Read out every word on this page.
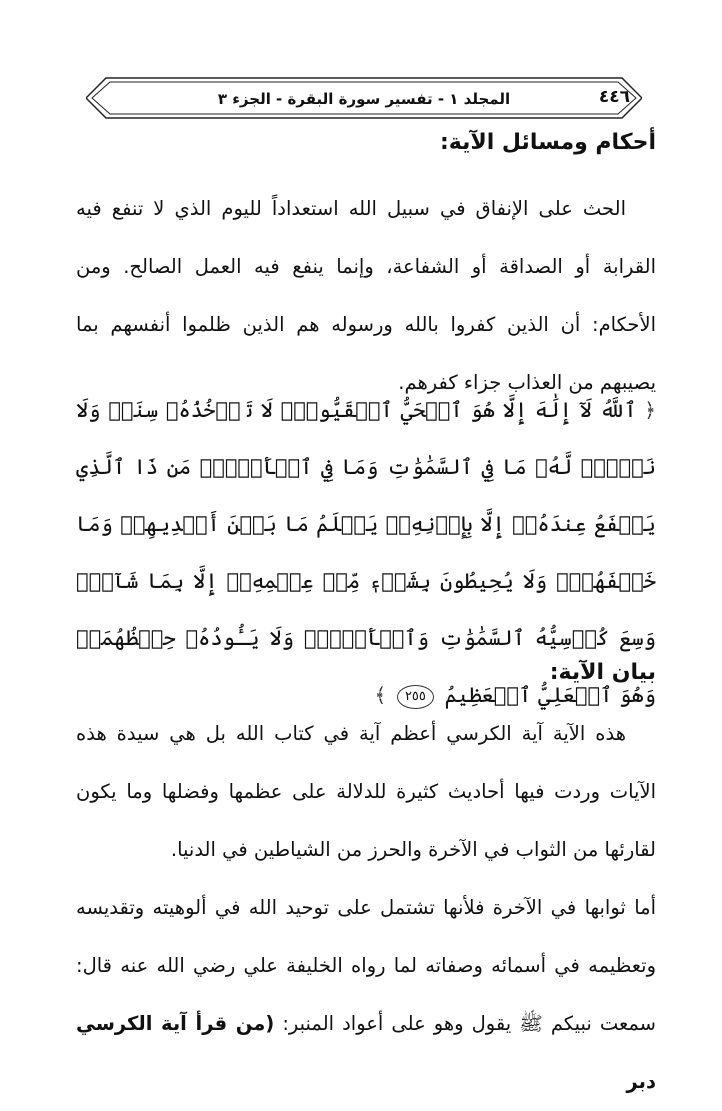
المجلد ١ - تفسير سورة البقرة - الجزء ٣	٤٤٦
أحكام ومسائل الآية:

الحث على الإنفاق في سبيل الله استعداداً لليوم الذي لا تنفع فيه القرابة أو الصداقة أو الشفاعة، وإنما ينفع فيه العمل الصالح. ومن الأحكام: أن الذين كفروا بالله ورسوله هم الذين ظلموا أنفسهم بما يصيبهم من العذاب جزاء كفرهم.

﴿ ٱللَّهُ لَآ إِلَٰهَ إِلَّا هُوَ ٱلۡحَيُّ ٱلۡقَيُّومُۚ لَا تَأۡخُذُهُۥ سِنَةٞ وَلَا نَوۡمٞۚ لَّهُۥ مَا فِي ٱلسَّمَٰوَٰتِ وَمَا فِي ٱلۡأَرۡضِۗ مَن ذَا ٱلَّذِي يَشۡفَعُ عِندَهُۥٓ إِلَّا بِإِذۡنِهِۦۚ يَعۡلَمُ مَا بَيۡنَ أَيۡدِيهِمۡ وَمَا خَلۡفَهُمۡۖ وَلَا يُحِيطُونَ بِشَيۡءٖ مِّنۡ عِلۡمِهِۦٓ إِلَّا بِمَا شَآءَۚ وَسِعَ كُرۡسِيُّهُ ٱلسَّمَٰوَٰتِ وَٱلۡأَرۡضَۖ وَلَا يَـُٔودُهُۥ حِفۡظُهُمَاۚ وَهُوَ ٱلۡعَلِيُّ ٱلۡعَظِيمُ ٢٥٥ ﴾

بيان الآية:

هذه الآية آية الكرسي أعظم آية في كتاب الله بل هي سيدة هذه الآيات وردت فيها أحاديث كثيرة للدلالة على عظمها وفضلها وما يكون لقارئها من الثواب في الآخرة والحرز من الشياطين في الدنيا.

أما ثوابها في الآخرة فلأنها تشتمل على توحيد الله في ألوهيته وتقديسه وتعظيمه في أسمائه وصفاته لما رواه الخليفة علي رضي الله عنه قال: سمعت نبيكم ﷺ يقول وهو على أعواد المنبر: (من قرأ آية الكرسي دبر
